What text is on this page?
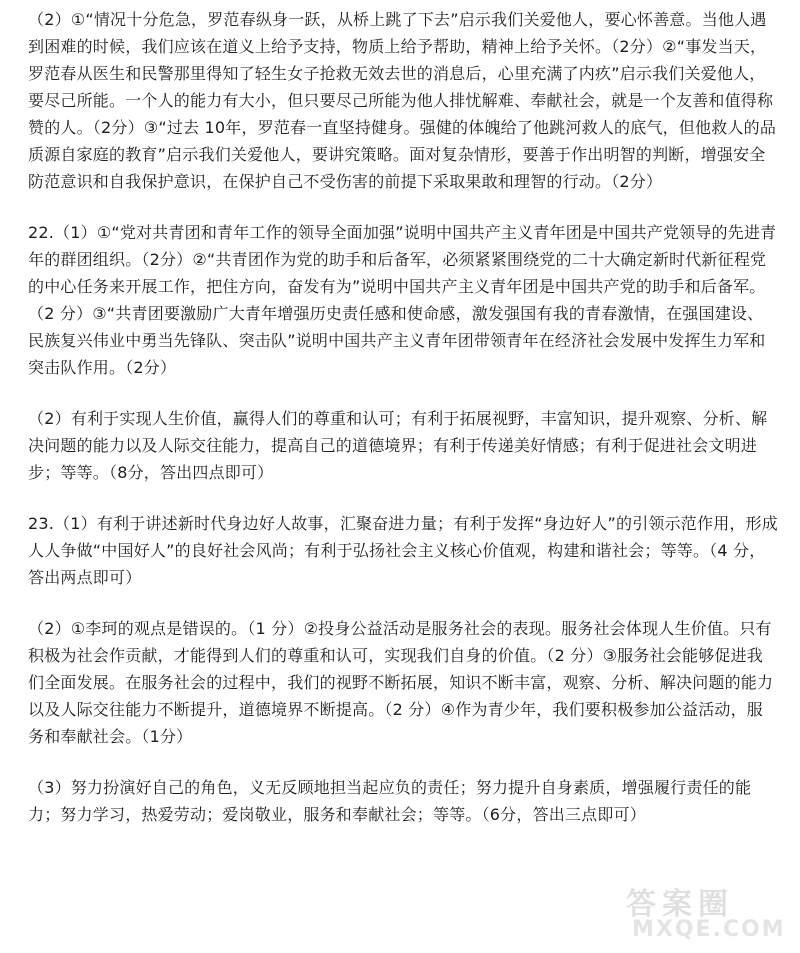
（2）①“情况十分危急，罗范春纵身一跃，从桥上跳了下去”启示我们关爱他人，要心怀善意。当他人遇到困难的时候，我们应该在道义上给予支持，物质上给予帮助，精神上给予关怀。（2分）②“事发当天，罗范春从医生和民警那里得知了轻生女子抢救无效去世的消息后，心里充满了内疚”启示我们关爱他人，要尽己所能。一个人的能力有大小，但只要尽己所能为他人排忧解难、奉献社会，就是一个友善和值得称赞的人。（2分）③“过去 10年，罗范春一直坚持健身。强健的体魄给了他跳河救人的底气，但他救人的品质源自家庭的教育”启示我们关爱他人，要讲究策略。面对复杂情形，要善于作出明智的判断，增强安全防范意识和自我保护意识，在保护自己不受伤害的前提下采取果敢和理智的行动。（2分）

22.（1）①“党对共青团和青年工作的领导全面加强”说明中国共产主义青年团是中国共产党领导的先进青年的群团组织。（2分）②“共青团作为党的助手和后备军，必须紧紧围绕党的二十大确定新时代新征程党的中心任务来开展工作，把住方向，奋发有为”说明中国共产主义青年团是中国共产党的助手和后备军。（2 分）③“共青团要激励广大青年增强历史责任感和使命感，激发强国有我的青春激情，在强国建设、民族复兴伟业中勇当先锋队、突击队”说明中国共产主义青年团带领青年在经济社会发展中发挥生力军和突击队作用。（2分）

（2）有利于实现人生价值，赢得人们的尊重和认可；有利于拓展视野，丰富知识，提升观察、分析、解决问题的能力以及人际交往能力，提高自己的道德境界；有利于传递美好情感；有利于促进社会文明进步；等等。（8分，答出四点即可）

23.（1）有利于讲述新时代身边好人故事，汇聚奋进力量；有利于发挥“身边好人”的引领示范作用，形成人人争做“中国好人”的良好社会风尚；有利于弘扬社会主义核心价值观，构建和谐社会；等等。（4 分，答出两点即可）

（2）①李珂的观点是错误的。（1 分）②投身公益活动是服务社会的表现。服务社会体现人生价值。只有积极为社会作贡献，才能得到人们的尊重和认可，实现我们自身的价值。（2 分）③服务社会能够促进我们全面发展。在服务社会的过程中，我们的视野不断拓展，知识不断丰富，观察、分析、解决问题的能力以及人际交往能力不断提升，道德境界不断提高。（2 分）④作为青少年，我们要积极参加公益活动，服务和奉献社会。（1分）

（3）努力扮演好自己的角色，义无反顾地担当起应负的责任；努力提升自身素质，增强履行责任的能力；努力学习，热爱劳动；爱岗敬业，服务和奉献社会；等等。（6分，答出三点即可）

答案圈
MXQE.COM
